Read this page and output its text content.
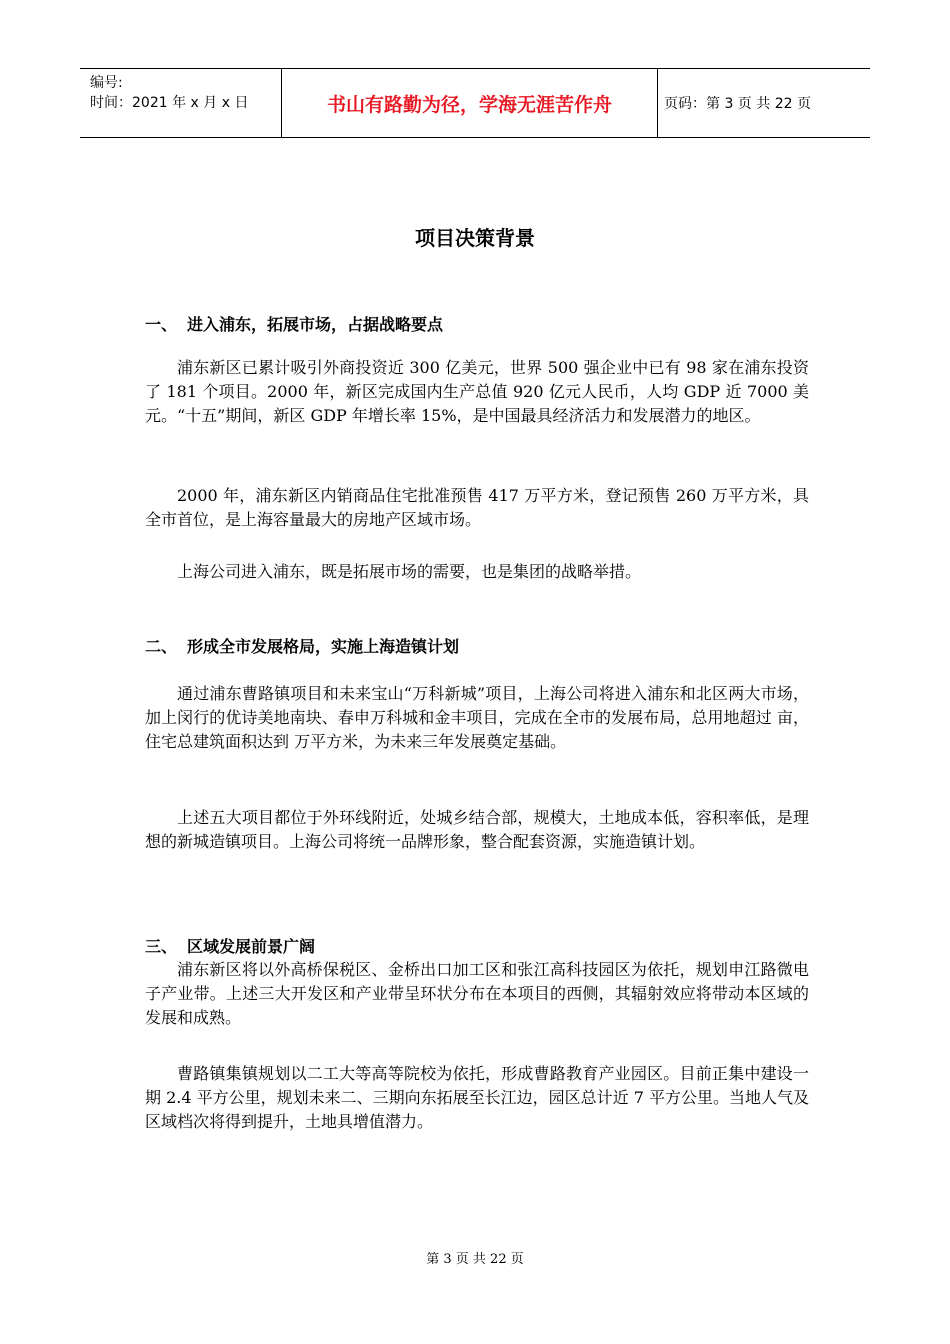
编号:
时间：2021 年 x 月 x 日	书山有路勤为径，学海无涯苦作舟	页码：第 3 页 共 22 页
项目决策背景
一、 进入浦东，拓展市场，占据战略要点
浦东新区已累计吸引外商投资近 300 亿美元，世界 500 强企业中已有 98 家在浦东投资了 181 个项目。2000 年，新区完成国内生产总值 920 亿元人民币，人均 GDP 近 7000 美元。“十五”期间，新区 GDP 年增长率 15%，是中国最具经济活力和发展潜力的地区。
2000 年，浦东新区内销商品住宅批准预售 417 万平方米，登记预售 260 万平方米，具全市首位，是上海容量最大的房地产区域市场。
上海公司进入浦东，既是拓展市场的需要，也是集团的战略举措。
二、 形成全市发展格局，实施上海造镇计划
通过浦东曹路镇项目和未来宝山“万科新城”项目，上海公司将进入浦东和北区两大市场，加上闵行的优诗美地南块、春申万科城和金丰项目，完成在全市的发展布局，总用地超过 亩，住宅总建筑面积达到 万平方米，为未来三年发展奠定基础。
上述五大项目都位于外环线附近，处城乡结合部，规模大，土地成本低，容积率低，是理想的新城造镇项目。上海公司将统一品牌形象，整合配套资源，实施造镇计划。
三、 区域发展前景广阔
浦东新区将以外高桥保税区、金桥出口加工区和张江高科技园区为依托，规划申江路微电子产业带。上述三大开发区和产业带呈环状分布在本项目的西侧，其辐射效应将带动本区域的发展和成熟。
曹路镇集镇规划以二工大等高等院校为依托，形成曹路教育产业园区。目前正集中建设一期 2.4 平方公里，规划未来二、三期向东拓展至长江边，园区总计近 7 平方公里。当地人气及区域档次将得到提升，土地具增值潜力。
第 3 页 共 22 页
